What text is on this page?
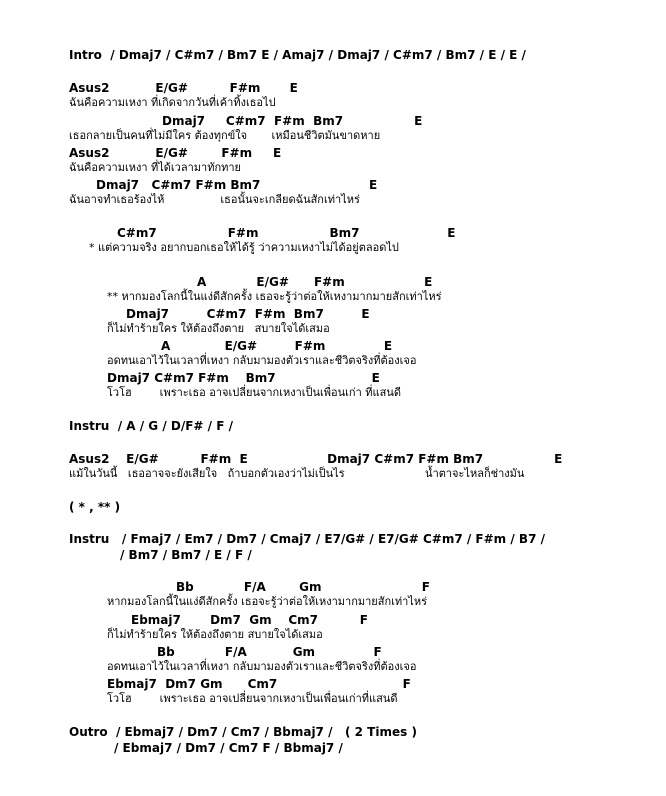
Intro  / Dmaj7 / C#m7 / Bm7 E / Amaj7 / Dmaj7 / C#m7 / Bm7 / E / E /
Asus2           E/G#          F#m       E
ฉันคือความเหงา ที่เกิดจากวันที่เค้าทิ้งเธอไป
Dmaj7     C#m7  F#m  Bm7                 E
เธอกลายเป็นคนที่ไม่มีใคร ต้องทุกข์ใจ       เหมือนชีวิตมันขาดหาย
Asus2           E/G#        F#m     E
ฉันคือความเหงา ที่ได้เวลามาทักทาย
Dmaj7   C#m7 F#m Bm7                          E
ฉันอาจทำเธอร้องไห้                เธอนั้นจะเกลียดฉันสักเท่าไหร่
C#m7                 F#m                 Bm7                     E
* แต่ความจริง อยากบอกเธอให้ได้รู้ ว่าความเหงาไม่ได้อยู่ตลอดไป
A            E/G#      F#m                   E
** หากมองโลกนี้ในแง่ดีสักครั้ง เธอจะรู้ว่าต่อให้เหงามากมายสักเท่าไหร่
Dmaj7         C#m7  F#m  Bm7         E
ก็ไม่ทำร้ายใคร ให้ต้องถึงตาย   สบายใจได้เสมอ
A             E/G#         F#m              E
อดทนเอาไว้ในเวลาที่เหงา กลับมามองตัวเราและชีวิตจริงที่ต้องเจอ
Dmaj7 C#m7 F#m    Bm7                       E
โวโฮ        เพราะเธอ อาจเปลี่ยนจากเหงาเป็นเพื่อนเก่า ที่แสนดี
Instru  / A / G / D/F# / F /
Asus2    E/G#          F#m  E                   Dmaj7 C#m7 F#m Bm7                 E
แม้ในวันนี้   เธออาจจะยังเสียใจ   ถ้าบอกตัวเองว่าไม่เป็นไร                       น้ำตาจะไหลก็ช่างมัน
( * , ** )
Instru   / Fmaj7 / Em7 / Dm7 / Cmaj7 / E7/G# / E7/G# C#m7 / F#m / B7 /
/ Bm7 / Bm7 / E / F /
Bb            F/A        Gm                        F
หากมองโลกนี้ในแง่ดีสักครั้ง เธอจะรู้ว่าต่อให้เหงามากมายสักเท่าไหร่
Ebmaj7       Dm7  Gm    Cm7          F
ก็ไม่ทำร้ายใคร ให้ต้องถึงตาย สบายใจได้เสมอ
Bb            F/A           Gm              F
อดทนเอาไว้ในเวลาที่เหงา กลับมามองตัวเราและชีวิตจริงที่ต้องเจอ
Ebmaj7  Dm7 Gm      Cm7                              F
โวโฮ        เพราะเธอ อาจเปลี่ยนจากเหงาเป็นเพื่อนเก่าที่แสนดี
Outro  / Ebmaj7 / Dm7 / Cm7 / Bbmaj7 /   ( 2 Times )
/ Ebmaj7 / Dm7 / Cm7 F / Bbmaj7 /
